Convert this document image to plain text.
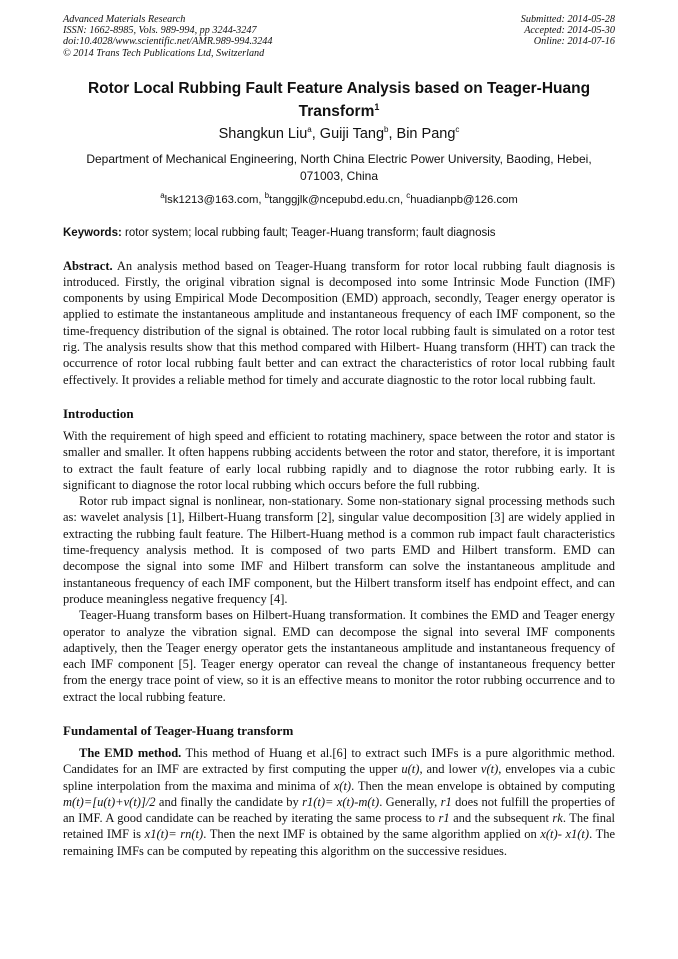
Advanced Materials Research
ISSN: 1662-8985, Vols. 989-994, pp 3244-3247
doi:10.4028/www.scientific.net/AMR.989-994.3244
© 2014 Trans Tech Publications Ltd, Switzerland
Submitted: 2014-05-28
Accepted: 2014-05-30
Online: 2014-07-16
Rotor Local Rubbing Fault Feature Analysis based on Teager-Huang Transform$^1$
Shangkun Liu$^a$, Guiji Tang$^b$, Bin Pang$^c$
Department of Mechanical Engineering, North China Electric Power University, Baoding, Hebei, 071003, China
$^a$lsk1213@163.com, $^b$tanggjlk@ncepubd.edu.cn, $^c$huadianpb@126.com
Keywords: rotor system; local rubbing fault; Teager-Huang transform; fault diagnosis

Abstract. An analysis method based on Teager-Huang transform for rotor local rubbing fault diagnosis is introduced. Firstly, the original vibration signal is decomposed into some Intrinsic Mode Function (IMF) components by using Empirical Mode Decomposition (EMD) approach, secondly, Teager energy operator is applied to estimate the instantaneous amplitude and instantaneous frequency of each IMF component, so the time-frequency distribution of the signal is obtained. The rotor local rubbing fault is simulated on a rotor test rig. The analysis results show that this method compared with Hilbert- Huang transform (HHT) can track the occurrence of rotor local rubbing fault better and can extract the characteristics of rotor local rubbing fault effectively. It provides a reliable method for timely and accurate diagnostic to the rotor local rubbing fault.

Introduction

With the requirement of high speed and efficient to rotating machinery, space between the rotor and stator is smaller and smaller. It often happens rubbing accidents between the rotor and stator, therefore, it is important to extract the fault feature of early local rubbing rapidly and to diagnose the rotor rubbing early. It is significant to diagnose the rotor local rubbing which occurs before the full rubbing.

Rotor rub impact signal is nonlinear, non-stationary. Some non-stationary signal processing methods such as: wavelet analysis [1], Hilbert-Huang transform [2], singular value decomposition [3] are widely applied in extracting the rubbing fault feature. The Hilbert-Huang method is a common rub impact fault characteristics time-frequency analysis method. It is composed of two parts EMD and Hilbert transform. EMD can decompose the signal into some IMF and Hilbert transform can solve the instantaneous amplitude and instantaneous frequency of each IMF component, but the Hilbert transform itself has endpoint effect, and can produce meaningless negative frequency [4].

Teager-Huang transform bases on Hilbert-Huang transformation. It combines the EMD and Teager energy operator to analyze the vibration signal. EMD can decompose the signal into several IMF components adaptively, then the Teager energy operator gets the instantaneous amplitude and instantaneous frequency of each IMF component [5]. Teager energy operator can reveal the change of instantaneous frequency better from the energy trace point of view, so it is an effective means to monitor the rotor rubbing occurrence and to extract the local rubbing feature.

Fundamental of Teager-Huang transform

The EMD method. This method of Huang et al.[6] to extract such IMFs is a pure algorithmic method. Candidates for an IMF are extracted by first computing the upper u(t), and lower v(t), envelopes via a cubic spline interpolation from the maxima and minima of x(t). Then the mean envelope is obtained by computing m(t)=[u(t)+v(t)]/2 and finally the candidate by r1(t)= x(t)-m(t). Generally, r1 does not fulfill the properties of an IMF. A good candidate can be reached by iterating the same process to r1 and the subsequent rk. The final retained IMF is x1(t)= rn(t). Then the next IMF is obtained by the same algorithm applied on x(t)- x1(t). The remaining IMFs can be computed by repeating this algorithm on the successive residues.
